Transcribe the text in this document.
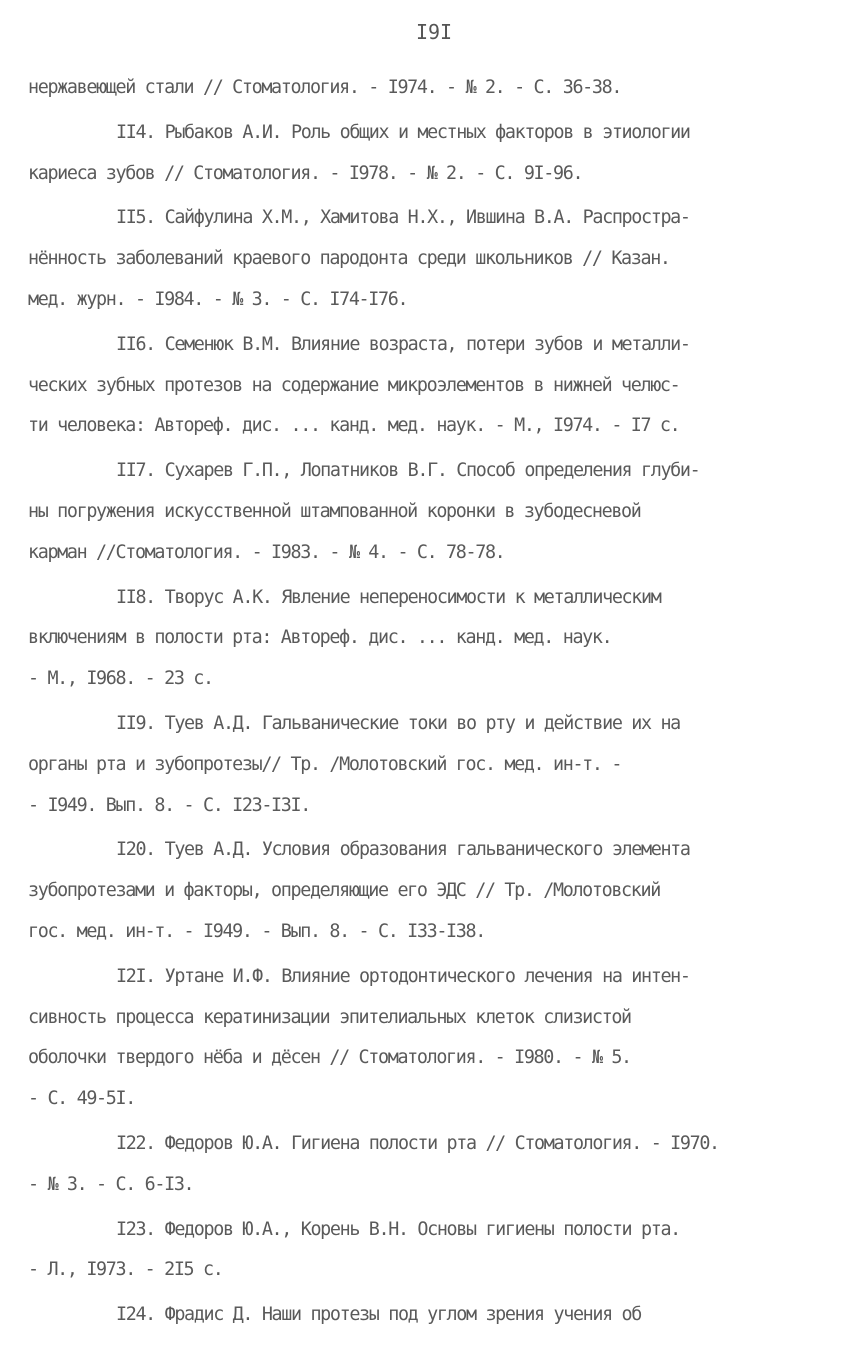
I9I
нержавеющей стали // Стоматология. - I974. - № 2. - С. 36-38.
II4. Рыбаков А.И. Роль общих и местных факторов в этиологии
кариеса зубов // Стоматология. - I978. - № 2. - С. 9I-96.
II5. Сайфулина Х.М., Хамитова Н.Х., Ившина В.А. Распростра-
нённость заболеваний краевого пародонта среди школьников // Казан.
мед. журн. - I984. - № 3. - С. I74-I76.
II6. Семенюк В.М. Влияние возраста, потери зубов и металли-
ческих зубных протезов на содержание микроэлементов в нижней челюс-
ти человека: Автореф. дис. ... канд. мед. наук. - М., I974. - I7 с.
II7. Сухарев Г.П., Лопатников В.Г. Способ определения глуби-
ны погружения искусственной штампованной коронки в зубодесневой
карман //Стоматология. - I983. - № 4. - С. 78-78.
II8. Творус А.К. Явление непереносимости к металлическим
включениям в полости рта: Автореф. дис. ... канд. мед. наук.
- М., I968. - 23 с.
II9. Туев А.Д. Гальванические токи во рту и действие их на
органы рта и зубопротезы// Тр. /Молотовский гос. мед. ин-т. -
- I949. Вып. 8. - С. I23-I3I.
I20. Туев А.Д. Условия образования гальванического элемента
зубопротезами и факторы, определяющие его ЭДС // Тр. /Молотовский
гос. мед. ин-т. - I949. - Вып. 8. - С. I33-I38.
I2I. Уртане И.Ф. Влияние ортодонтического лечения на интен-
сивность процесса кератинизации эпителиальных клеток слизистой
оболочки твердого нёба и дёсен // Стоматология. - I980. - № 5.
- С. 49-5I.
I22. Федоров Ю.А. Гигиена полости рта // Стоматология. - I970.
- № 3. - С. 6-I3.
I23. Федоров Ю.А., Корень В.Н. Основы гигиены полости рта.
- Л., I973. - 2I5 с.
I24. Фрадис Д. Наши протезы под углом зрения учения об
